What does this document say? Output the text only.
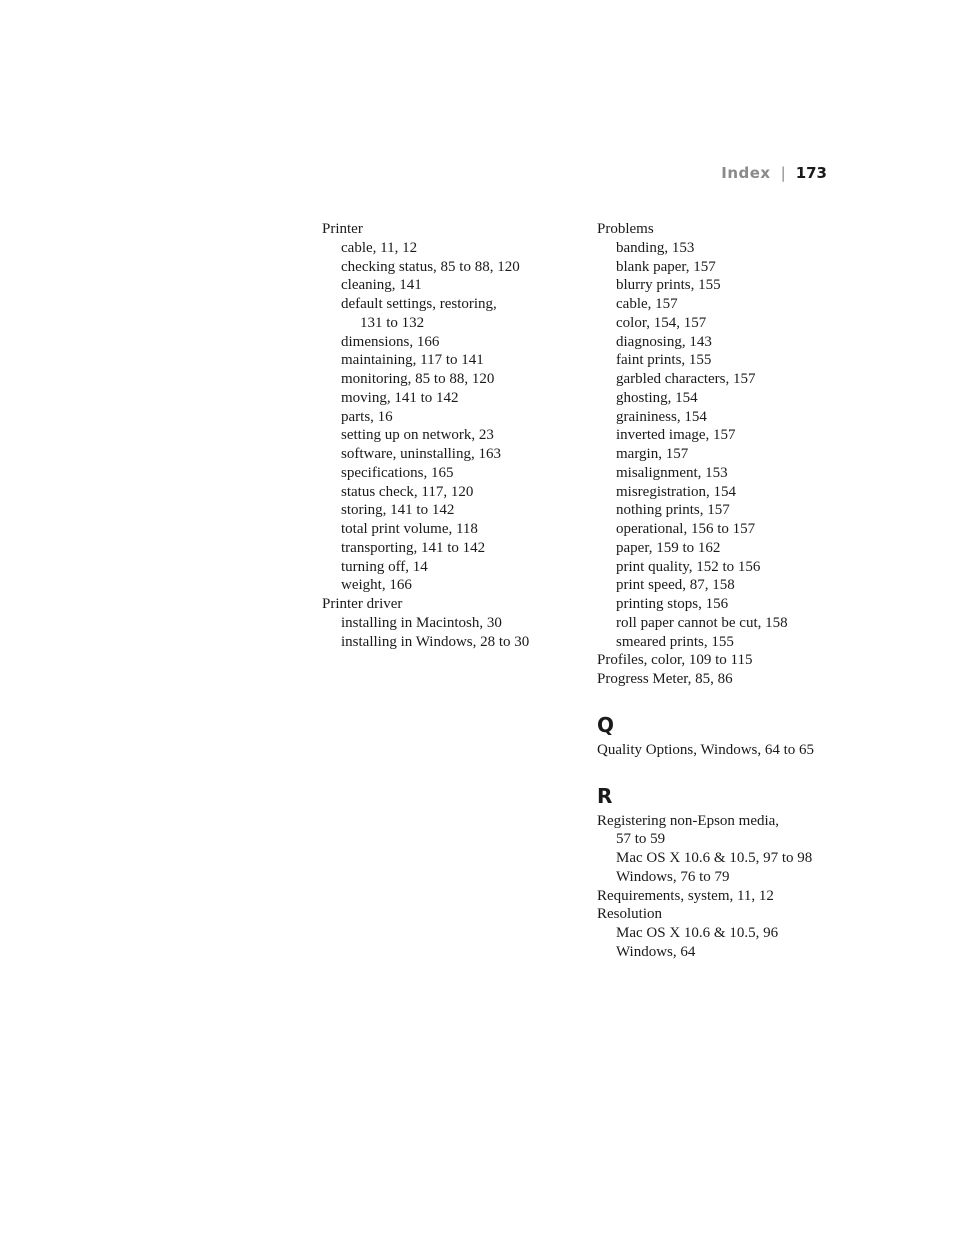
Index | 173
Printer
cable, 11, 12
checking status, 85 to 88, 120
cleaning, 141
default settings, restoring,
131 to 132
dimensions, 166
maintaining, 117 to 141
monitoring, 85 to 88, 120
moving, 141 to 142
parts, 16
setting up on network, 23
software, uninstalling, 163
specifications, 165
status check, 117, 120
storing, 141 to 142
total print volume, 118
transporting, 141 to 142
turning off, 14
weight, 166
Printer driver
installing in Macintosh, 30
installing in Windows, 28 to 30
Problems
banding, 153
blank paper, 157
blurry prints, 155
cable, 157
color, 154, 157
diagnosing, 143
faint prints, 155
garbled characters, 157
ghosting, 154
graininess, 154
inverted image, 157
margin, 157
misalignment, 153
misregistration, 154
nothing prints, 157
operational, 156 to 157
paper, 159 to 162
print quality, 152 to 156
print speed, 87, 158
printing stops, 156
roll paper cannot be cut, 158
smeared prints, 155
Profiles, color, 109 to 115
Progress Meter, 85, 86
Q
Quality Options, Windows, 64 to 65
R
Registering non-Epson media,
57 to 59
Mac OS X 10.6 & 10.5, 97 to 98
Windows, 76 to 79
Requirements, system, 11, 12
Resolution
Mac OS X 10.6 & 10.5, 96
Windows, 64
